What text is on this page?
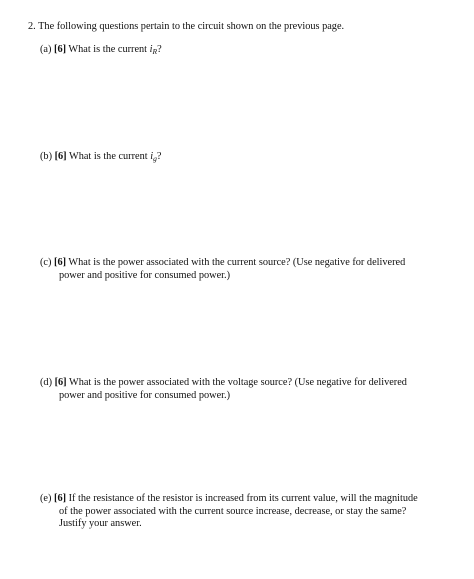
2. The following questions pertain to the circuit shown on the previous page.
(a) [6] What is the current iR?
(b) [6] What is the current ig?
(c) [6] What is the power associated with the current source? (Use negative for delivered
power and positive for consumed power.)
(d) [6] What is the power associated with the voltage source? (Use negative for delivered
power and positive for consumed power.)
(e) [6] If the resistance of the resistor is increased from its current value, will the magnitude
of the power associated with the current source increase, decrease, or stay the same?
Justify your answer.
